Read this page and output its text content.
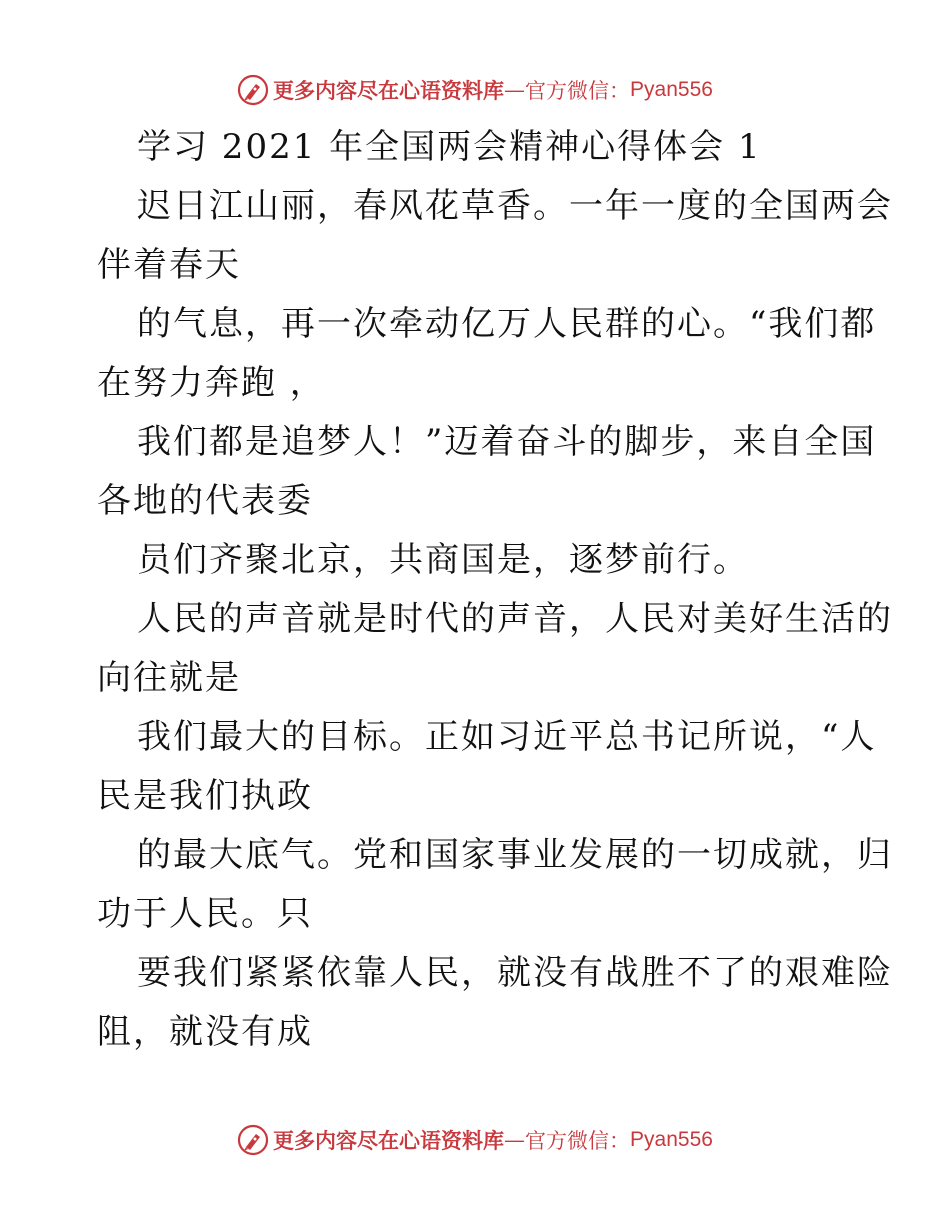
更多内容尽在心语资料库 — 官方微信： Pyan556
学习 2021 年全国两会精神心得体会 1
迟日江山丽，春风花草香。一年一度的全国两会
伴着春天
的气息，再一次牵动亿万人民群的心。“我们都
在努力奔跑 ，
我们都是追梦人！”迈着奋斗的脚步，来自全国
各地的代表委
员们齐聚北京，共商国是，逐梦前行。
人民的声音就是时代的声音，人民对美好生活的
向往就是
我们最大的目标。正如习近平总书记所说，“人
民是我们执政
的最大底气。党和国家事业发展的一切成就，归
功于人民。只
要我们紧紧依靠人民，就没有战胜不了的艰难险
阻，就没有成
更多内容尽在心语资料库 — 官方微信： Pyan556
